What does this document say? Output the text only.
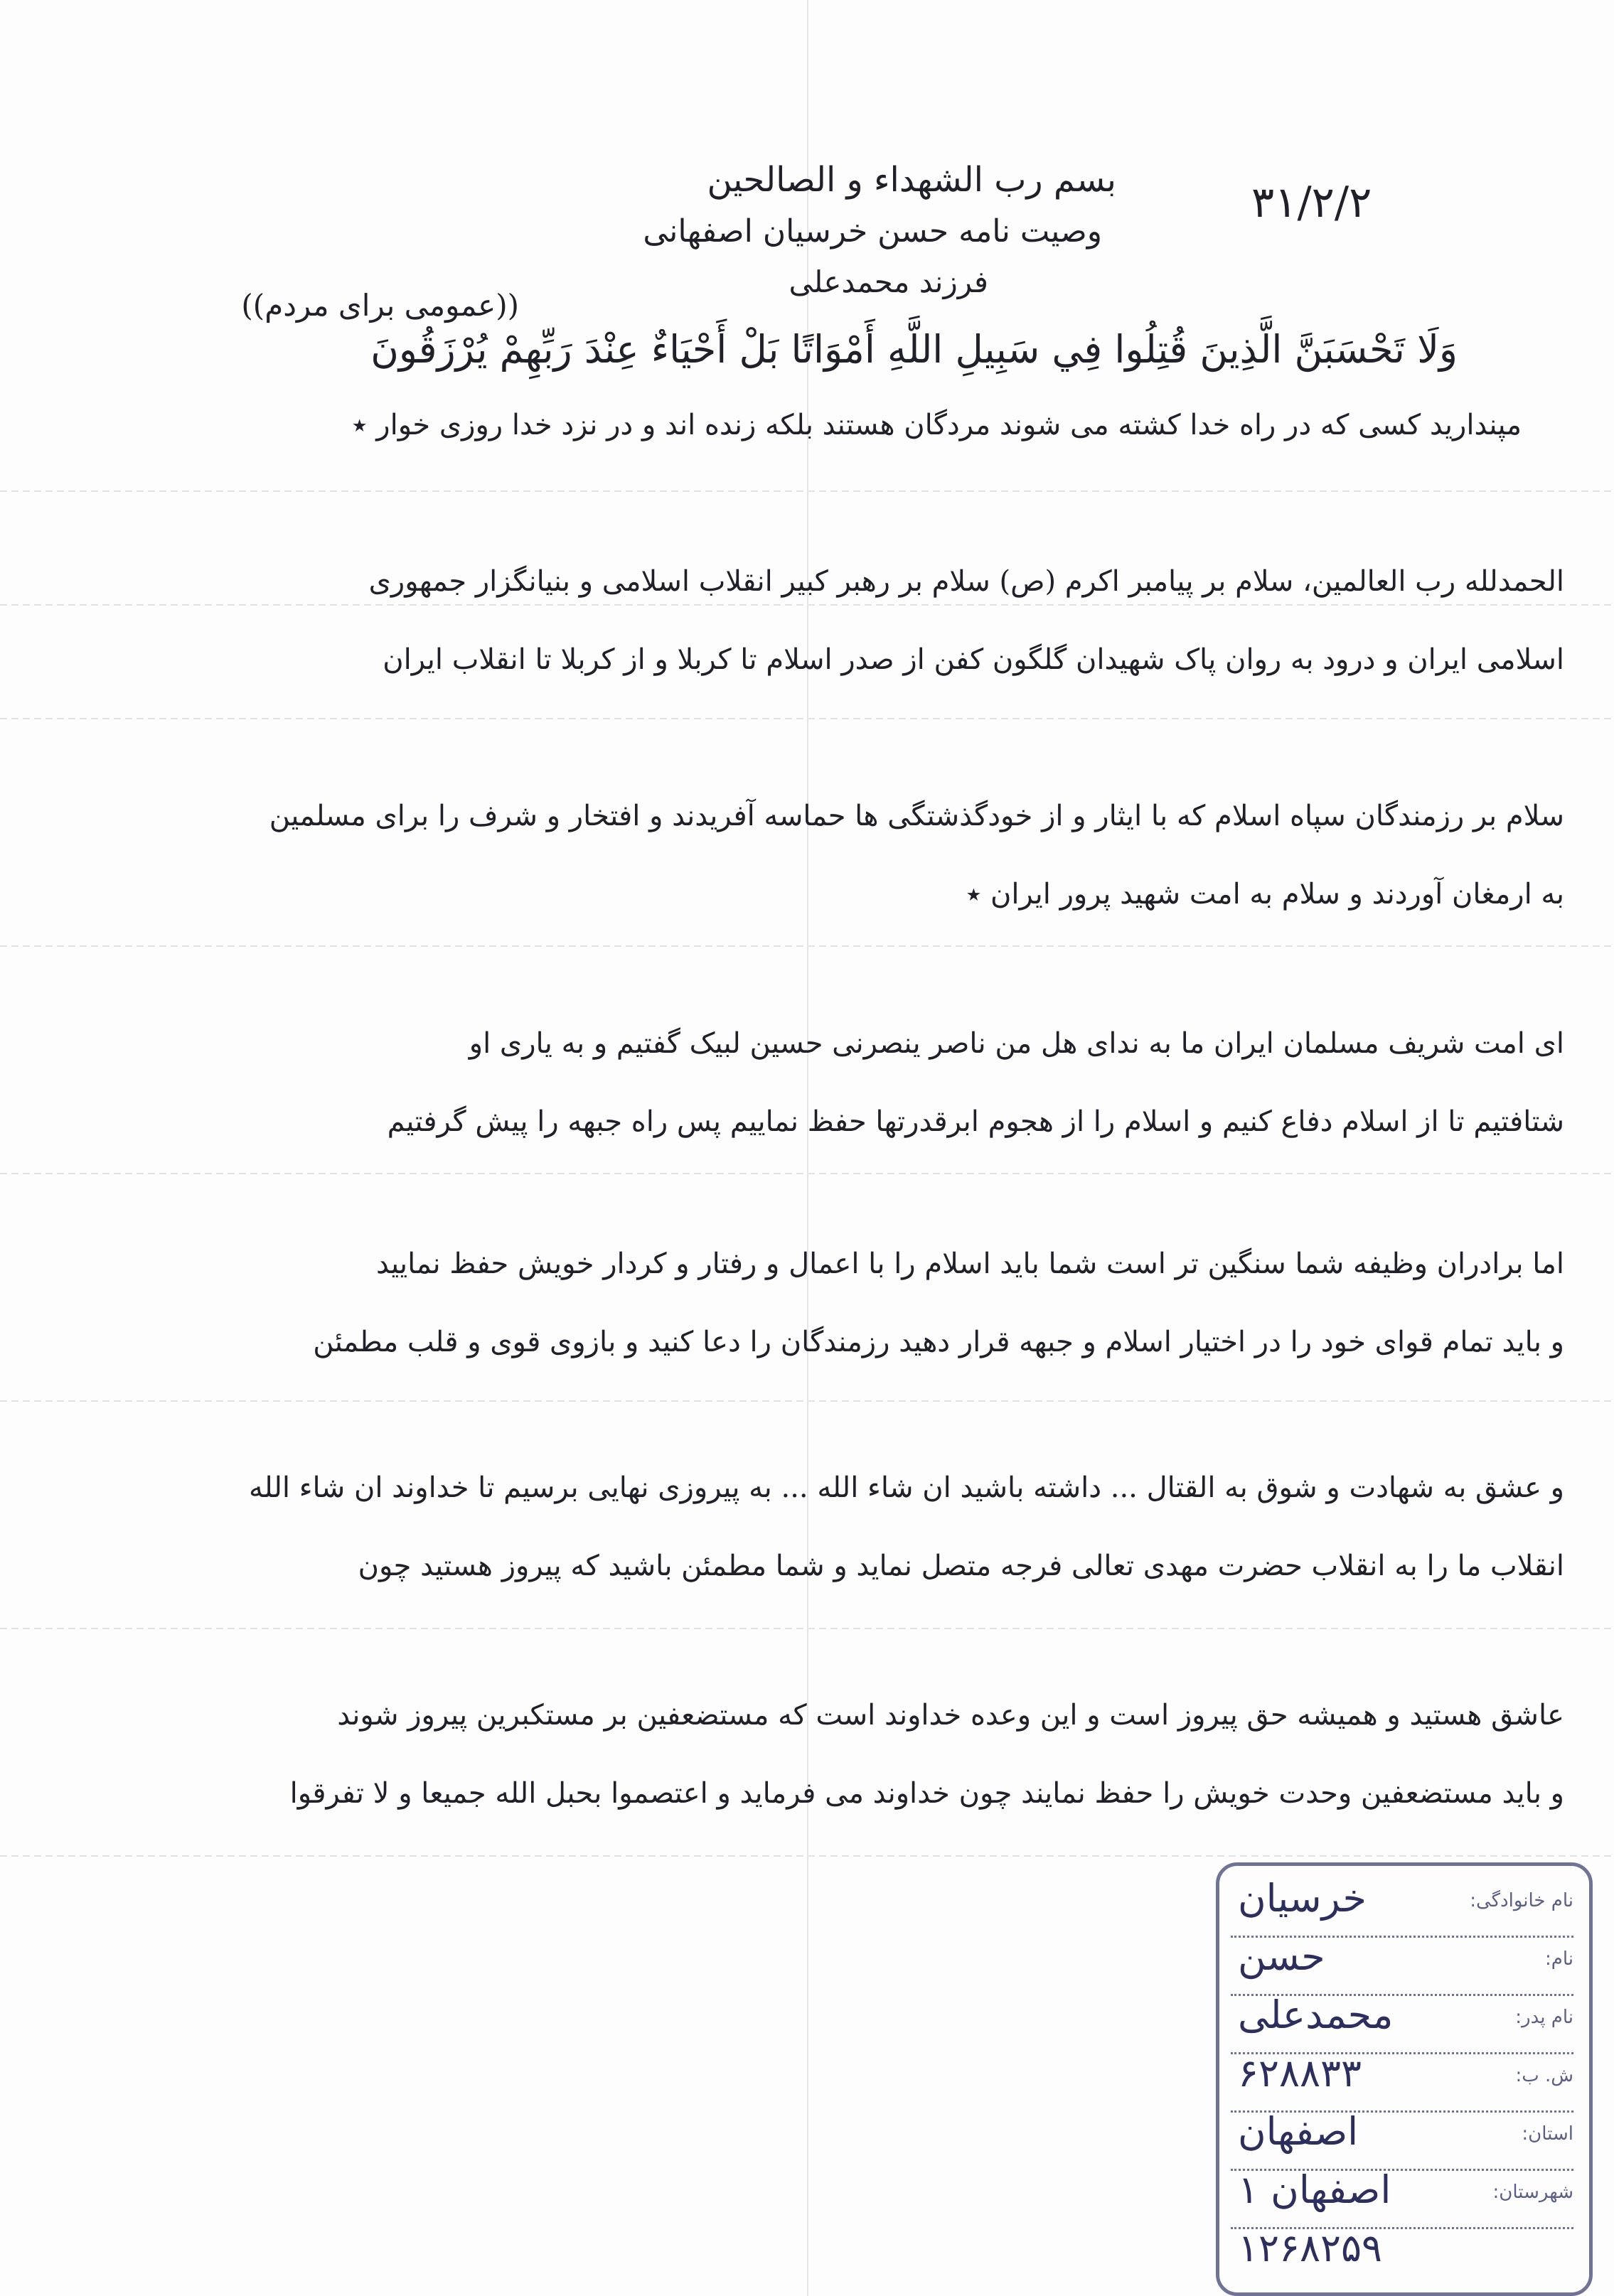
بسم رب الشهداء و الصالحین	۳۱/۲/۲
وصیت نامه حسن خرسیان اصفهانی
فرزند محمدعلی
((عمومی برای مردم))
وَلَا تَحْسَبَنَّ الَّذِينَ قُتِلُوا فِي سَبِيلِ اللَّهِ أَمْوَاتًا بَلْ أَحْيَاءٌ عِنْدَ رَبِّهِمْ يُرْزَقُونَ
مپندارید کسی که در راه خدا کشته می شوند مردگان هستند بلکه زنده اند و در نزد خدا روزی خوار ٭
الحمدلله رب العالمین، سلام بر پیامبر اکرم (ص) سلام بر رهبر کبیر انقلاب اسلامی و بنیانگزار جمهوری
اسلامی ایران و درود به روان پاک شهیدان گلگون کفن از صدر اسلام تا کربلا و از کربلا تا انقلاب ایران
سلام بر رزمندگان سپاه اسلام که با ایثار و از خودگذشتگی ها حماسه آفریدند و افتخار و شرف را برای مسلمین
به ارمغان آوردند و سلام به امت شهید پرور ایران ٭
ای امت شریف مسلمان ایران ما به ندای هل من ناصر ینصرنی حسین لبیک گفتیم و به یاری او
شتافتیم تا از اسلام دفاع کنیم و اسلام را از هجوم ابرقدرتها حفظ نماییم پس راه جبهه را پیش گرفتیم
اما برادران وظیفه شما سنگین تر است شما باید اسلام را با اعمال و رفتار و کردار خویش حفظ نمایید
و باید تمام قوای خود را در اختیار اسلام و جبهه قرار دهید رزمندگان را دعا کنید و بازوی قوی و قلب مطمئن
و عشق به شهادت و شوق به القتال ... داشته باشید ان شاء الله ... به پیروزی نهایی برسیم تا خداوند ان شاء الله
انقلاب ما را به انقلاب حضرت مهدی تعالی فرجه متصل نماید و شما مطمئن باشید که پیروز هستید چون
عاشق هستید و همیشه حق پیروز است و این وعده خداوند است که مستضعفین بر مستکبرین پیروز شوند
و باید مستضعفین وحدت خویش را حفظ نمایند چون خداوند می فرماید و اعتصموا بحبل الله جمیعا و لا تفرقوا
نام خانوادگی:
خرسیان
نام:
حسن
نام پدر:
محمدعلی
ش. ب:
۶۲۸۸۳۳
استان:
اصفهان
شهرستان:
اصفهان ۱
۱۲۶۸۲۵۹
